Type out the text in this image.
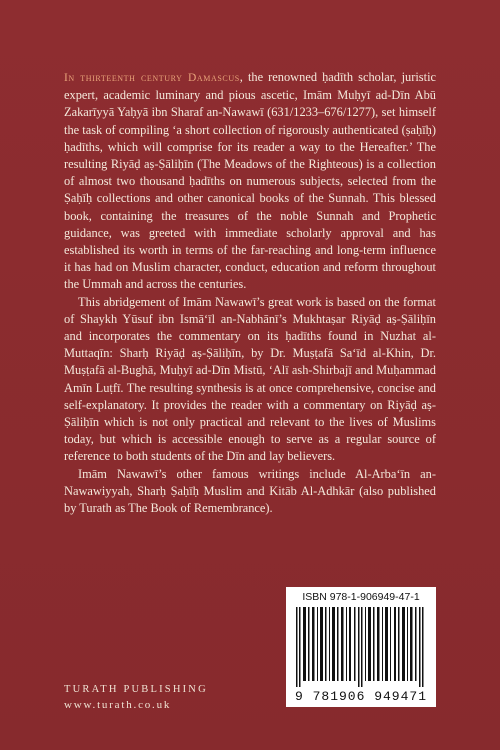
In thirteenth century Damascus, the renowned ḥadīth scholar, juristic expert, academic luminary and pious ascetic, Imām Muḥyī ad-Dīn Abū Zakarīyyā Yaḥyā ibn Sharaf an-Nawawī (631/1233–676/1277), set himself the task of compiling ‘a short collection of rigorously authenticated (ṣaḥīḥ) ḥadīths, which will comprise for its reader a way to the Hereafter.’ The resulting Riyāḍ aṣ-Ṣāliḥīn (The Meadows of the Righteous) is a collection of almost two thousand ḥadīths on numerous subjects, selected from the Ṣaḥīḥ collections and other canonical books of the Sunnah. This blessed book, containing the treasures of the noble Sunnah and Prophetic guidance, was greeted with immediate scholarly approval and has established its worth in terms of the far-reaching and long-term influence it has had on Muslim character, conduct, education and reform throughout the Ummah and across the centuries.

This abridgement of Imām Nawawī’s great work is based on the format of Shaykh Yūsuf ibn Ismā‘īl an-Nabhānī’s Mukhtaṣar Riyāḍ aṣ-Ṣāliḥīn and incorporates the commentary on its ḥadīths found in Nuzhat al-Muttaqīn: Sharḥ Riyāḍ aṣ-Ṣāliḥīn, by Dr. Muṣṭafā Sa‘īd al-Khin, Dr. Muṣṭafā al-Bughā, Muḥyī ad-Dīn Mistū, ‘Alī ash-Shirbajī and Muḥammad Amīn Luṭfī. The resulting synthesis is at once comprehensive, concise and self-explanatory. It provides the reader with a commentary on Riyāḍ aṣ-Ṣāliḥīn which is not only practical and relevant to the lives of Muslims today, but which is accessible enough to serve as a regular source of reference to both students of the Dīn and lay believers.

Imām Nawawī’s other famous writings include Al-Arba‘īn an-Nawawiyyah, Sharḥ Ṣaḥīḥ Muslim and Kitāb Al-Adhkār (also published by Turath as The Book of Remembrance).

ISBN 978-1-906949-47-1
9 781906 949471
TURATH PUBLISHING
www.turath.co.uk
